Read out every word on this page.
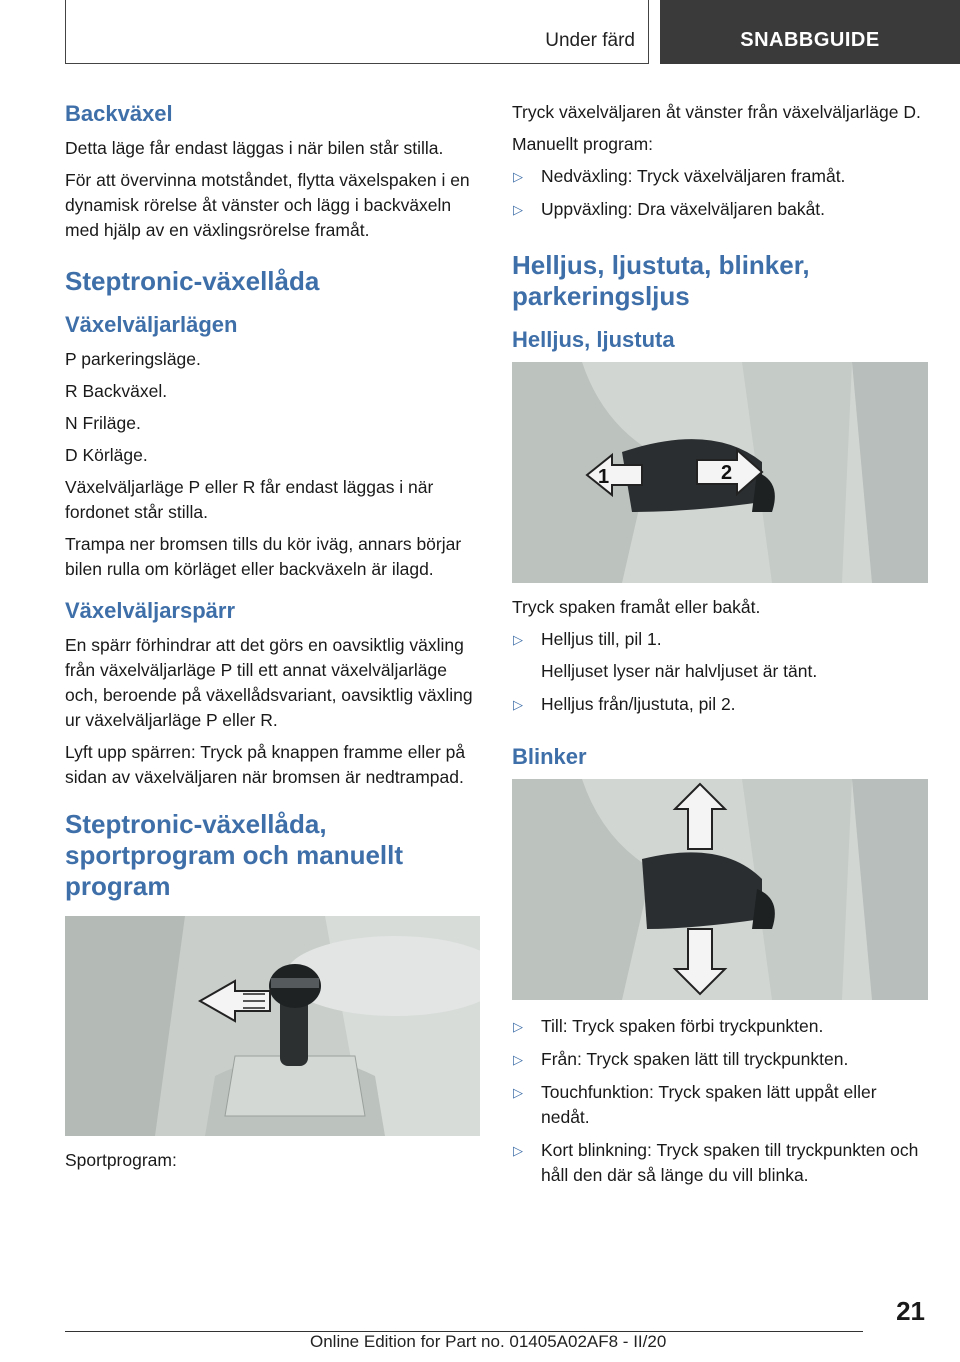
Under färd	SNABBGUIDE
Backväxel

Detta läge får endast läggas i när bilen står stilla.

För att övervinna motståndet, flytta växelspaken i en dynamisk rörelse åt vänster och lägg i backväxeln med hjälp av en växlingsrörelse framåt.

Steptronic-växellåda
Växelväljarlägen

P parkeringsläge.

R Backväxel.

N Friläge.

D Körläge.

Växelväljarläge P eller R får endast läggas i när fordonet står stilla.

Trampa ner bromsen tills du kör iväg, annars börjar bilen rulla om körläget eller backväxeln är ilagd.

Växelväljarspärr

En spärr förhindrar att det görs en oavsiktlig växling från växelväljarläge P till ett annat växelväljarläge och, beroende på växellådsvariant, oavsiktlig växling ur växelväljarläge P eller R.

Lyft upp spärren: Tryck på knappen framme eller på sidan av växelväljaren när bromsen är nedtrampad.

Steptronic-växellåda, sportprogram och manuellt program

Sportprogram:

Tryck växelväljaren åt vänster från växelväljarläge D.

Manuellt program:

▷ Nedväxling: Tryck växelväljaren framåt.
▷ Uppväxling: Dra växelväljaren bakåt.
Helljus, ljustuta, blinker, parkeringsljus
Helljus, ljustuta
1	2

Tryck spaken framåt eller bakåt.

▷ Helljus till, pil 1.
Helljuset lyser när halvljuset är tänt.
▷ Helljus från/ljustuta, pil 2.
Blinker
▷ Till: Tryck spaken förbi tryckpunkten.
▷ Från: Tryck spaken lätt till tryckpunkten.
▷ Touchfunktion: Tryck spaken lätt uppåt eller nedåt.
▷ Kort blinkning: Tryck spaken till tryckpunkten och håll den där så länge du vill blinka.
21
Online Edition for Part no. 01405A02AF8 - II/20
